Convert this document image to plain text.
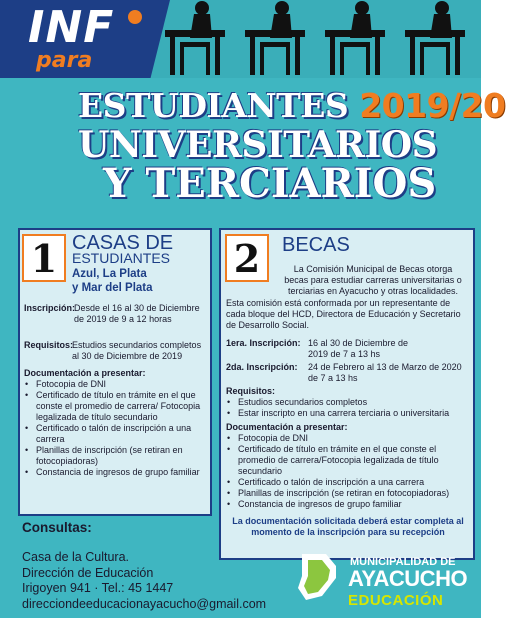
INF
para
ESTUDIANTES 2019/20
UNIVERSITARIOS
Y TERCIARIOS
1 CASAS DE
ESTUDIANTES
Azul, La Plata
y Mar del Plata
Inscripción:
Desde el 16 al 30 de Diciembre de 2019 de 9 a 12 horas
Requisitos:
Estudios secundarios completos al 30 de Diciembre de 2019
Documentación a presentar:
• Fotocopia de DNI
• Certificado de título en trámite en el que conste el promedio de carrera/ Fotocopia legalizada de título secundario
• Certificado o talón de inscripción a una carrera
• Planillas de inscripción (se retiran en fotocopiadoras)
• Constancia de ingresos de grupo familiar
2	BECAS
La Comisión Municipal de Becas otorga becas para estudiar carreras universitarias o terciarias en Ayacucho y otras localidades.
Esta comisión está conformada por un representante de cada bloque del HCD, Directora de Educación y Secretario de Desarrollo Social.
1era. Inscripción: 16 al 30 de Diciembre de 2019 de 7 a 13 hs
2da. Inscripción:	24 de Febrero al 13 de Marzo de 2020 de 7 a 13 hs
Requisitos:
• Estudios secundarios completos
• Estar inscripto en una carrera terciaria o universitaria
Documentación a presentar:
• Fotocopia de DNI
• Certificado de título en trámite en el que conste el promedio de carrera/Fotocopia legalizada de título secundario
• Certificado o talón de inscripción a una carrera
• Planillas de inscripción (se retiran en fotocopiadoras)
• Constancia de ingresos de grupo familiar
La documentación solicitada deberá estar completa al momento de la inscripción para su recepción
Consultas:
Casa de la Cultura.
Dirección de Educación
Irigoyen 941 · Tel.: 45 1447
direcciondeeducacionayacucho@gmail.com
MUNICIPALIDAD DE
AYACUCHO
EDUCACIÓN
